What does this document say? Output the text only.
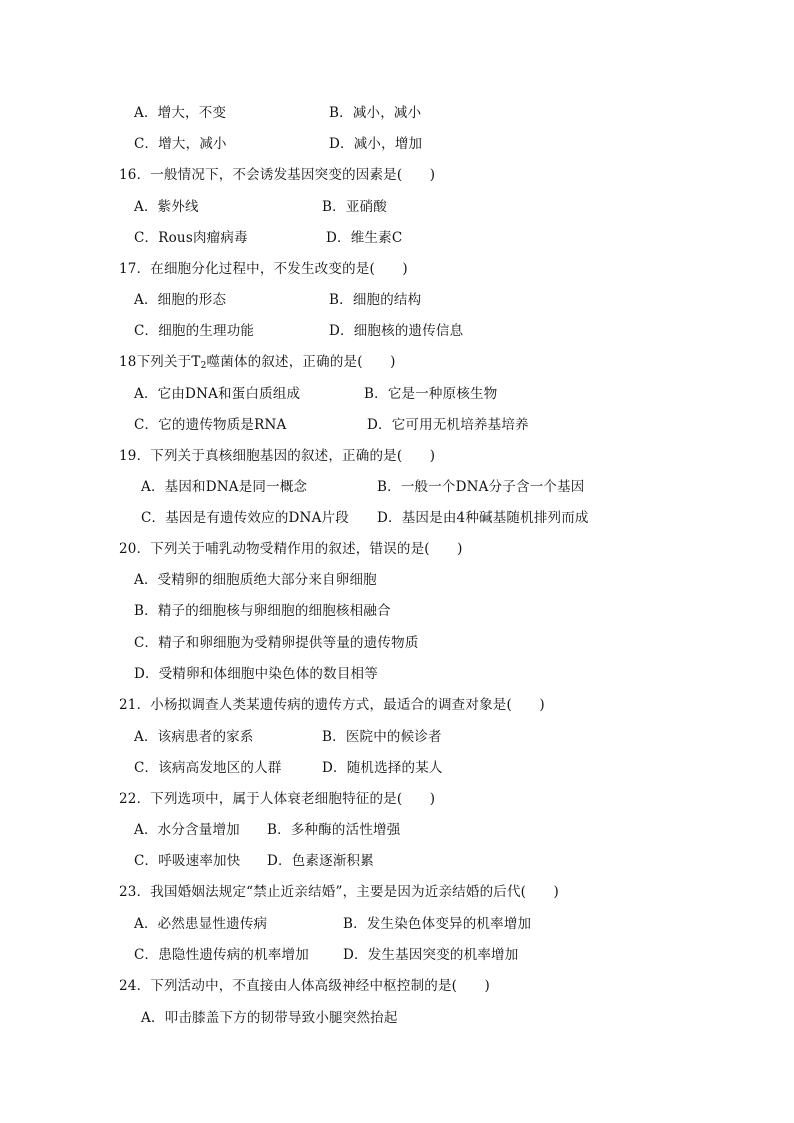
A．增大，不变	B．减小，减小
C．增大，减小	D．减小，增加
16．一般情况下，不会诱发基因突变的因素是(　　)
A．紫外线	B．亚硝酸
C．Rous肉瘤病毒	D．维生素C
17．在细胞分化过程中，不发生改变的是(　　)
A．细胞的形态	B．细胞的结构
C．细胞的生理功能	D．细胞核的遗传信息
18下列关于$T_2$噬菌体的叙述，正确的是(　　)
A．它由DNA和蛋白质组成	B．它是一种原核生物
C．它的遗传物质是RNA	D．它可用无机培养基培养
19．下列关于真核细胞基因的叙述，正确的是(　　)
A．基因和DNA是同一概念	B．一般一个DNA分子含一个基因
C．基因是有遗传效应的DNA片段 D．基因是由4种碱基随机排列而成
20．下列关于哺乳动物受精作用的叙述，错误的是(　　)
A．受精卵的细胞质绝大部分来自卵细胞
B．精子的细胞核与卵细胞的细胞核相融合
C．精子和卵细胞为受精卵提供等量的遗传物质
D．受精卵和体细胞中染色体的数目相等
21．小杨拟调查人类某遗传病的遗传方式，最适合的调查对象是(　　)
A．该病患者的家系	B．医院中的候诊者
C．该病高发地区的人群	D．随机选择的某人
22．下列选项中，属于人体衰老细胞特征的是(　　)
A．水分含量增加 B．多种酶的活性增强
C．呼吸速率加快 D．色素逐渐积累
23．我国婚姻法规定“禁止近亲结婚”，主要是因为近亲结婚的后代(　　)
A．必然患显性遗传病	B．发生染色体变异的机率增加
C．患隐性遗传病的机率增加	D．发生基因突变的机率增加
24．下列活动中，不直接由人体高级神经中枢控制的是(　　)
A．叩击膝盖下方的韧带导致小腿突然抬起
